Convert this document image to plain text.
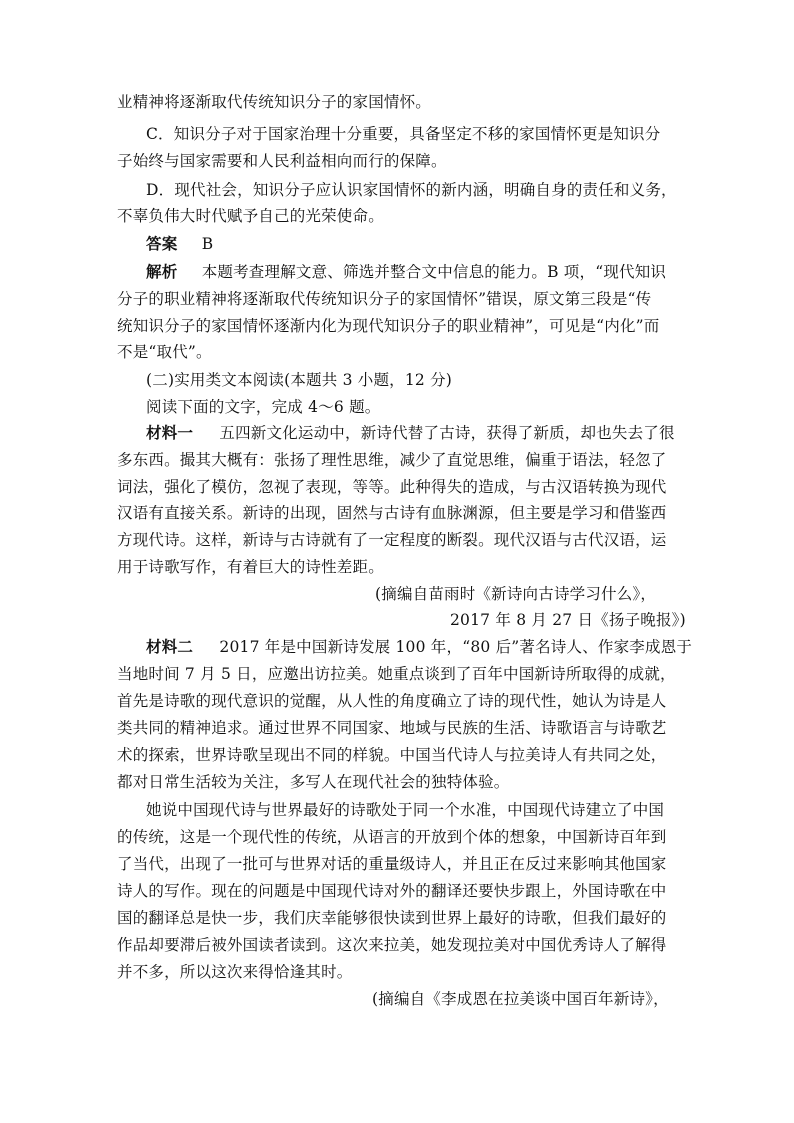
业精神将逐渐取代传统知识分子的家国情怀。
C．知识分子对于国家治理十分重要，具备坚定不移的家国情怀更是知识分
子始终与国家需要和人民利益相向而行的保障。
D．现代社会，知识分子应认识家国情怀的新内涵，明确自身的责任和义务，
不辜负伟大时代赋予自己的光荣使命。
答案 B
解析 本题考查理解文意、筛选并整合文中信息的能力。B 项，“现代知识
分子的职业精神将逐渐取代传统知识分子的家国情怀”错误，原文第三段是“传
统知识分子的家国情怀逐渐内化为现代知识分子的职业精神”，可见是“内化”而
不是“取代”。
(二)实用类文本阅读(本题共 3 小题，12 分)
阅读下面的文字，完成 4～6 题。
材料一 五四新文化运动中，新诗代替了古诗，获得了新质，却也失去了很
多东西。撮其大概有：张扬了理性思维，减少了直觉思维，偏重于语法，轻忽了
词法，强化了模仿，忽视了表现，等等。此种得失的造成，与古汉语转换为现代
汉语有直接关系。新诗的出现，固然与古诗有血脉渊源，但主要是学习和借鉴西
方现代诗。这样，新诗与古诗就有了一定程度的断裂。现代汉语与古代汉语，运
用于诗歌写作，有着巨大的诗性差距。
(摘编自苗雨时《新诗向古诗学习什么》，
2017 年 8 月 27 日《扬子晚报》)
材料二 2017 年是中国新诗发展 100 年，“80 后”著名诗人、作家李成恩于
当地时间 7 月 5 日，应邀出访拉美。她重点谈到了百年中国新诗所取得的成就，
首先是诗歌的现代意识的觉醒，从人性的角度确立了诗的现代性，她认为诗是人
类共同的精神追求。通过世界不同国家、地域与民族的生活、诗歌语言与诗歌艺
术的探索，世界诗歌呈现出不同的样貌。中国当代诗人与拉美诗人有共同之处，
都对日常生活较为关注，多写人在现代社会的独特体验。
她说中国现代诗与世界最好的诗歌处于同一个水准，中国现代诗建立了中国
的传统，这是一个现代性的传统，从语言的开放到个体的想象，中国新诗百年到
了当代，出现了一批可与世界对话的重量级诗人，并且正在反过来影响其他国家
诗人的写作。现在的问题是中国现代诗对外的翻译还要快步跟上，外国诗歌在中
国的翻译总是快一步，我们庆幸能够很快读到世界上最好的诗歌，但我们最好的
作品却要滞后被外国读者读到。这次来拉美，她发现拉美对中国优秀诗人了解得
并不多，所以这次来得恰逢其时。
(摘编自《李成恩在拉美谈中国百年新诗》，
